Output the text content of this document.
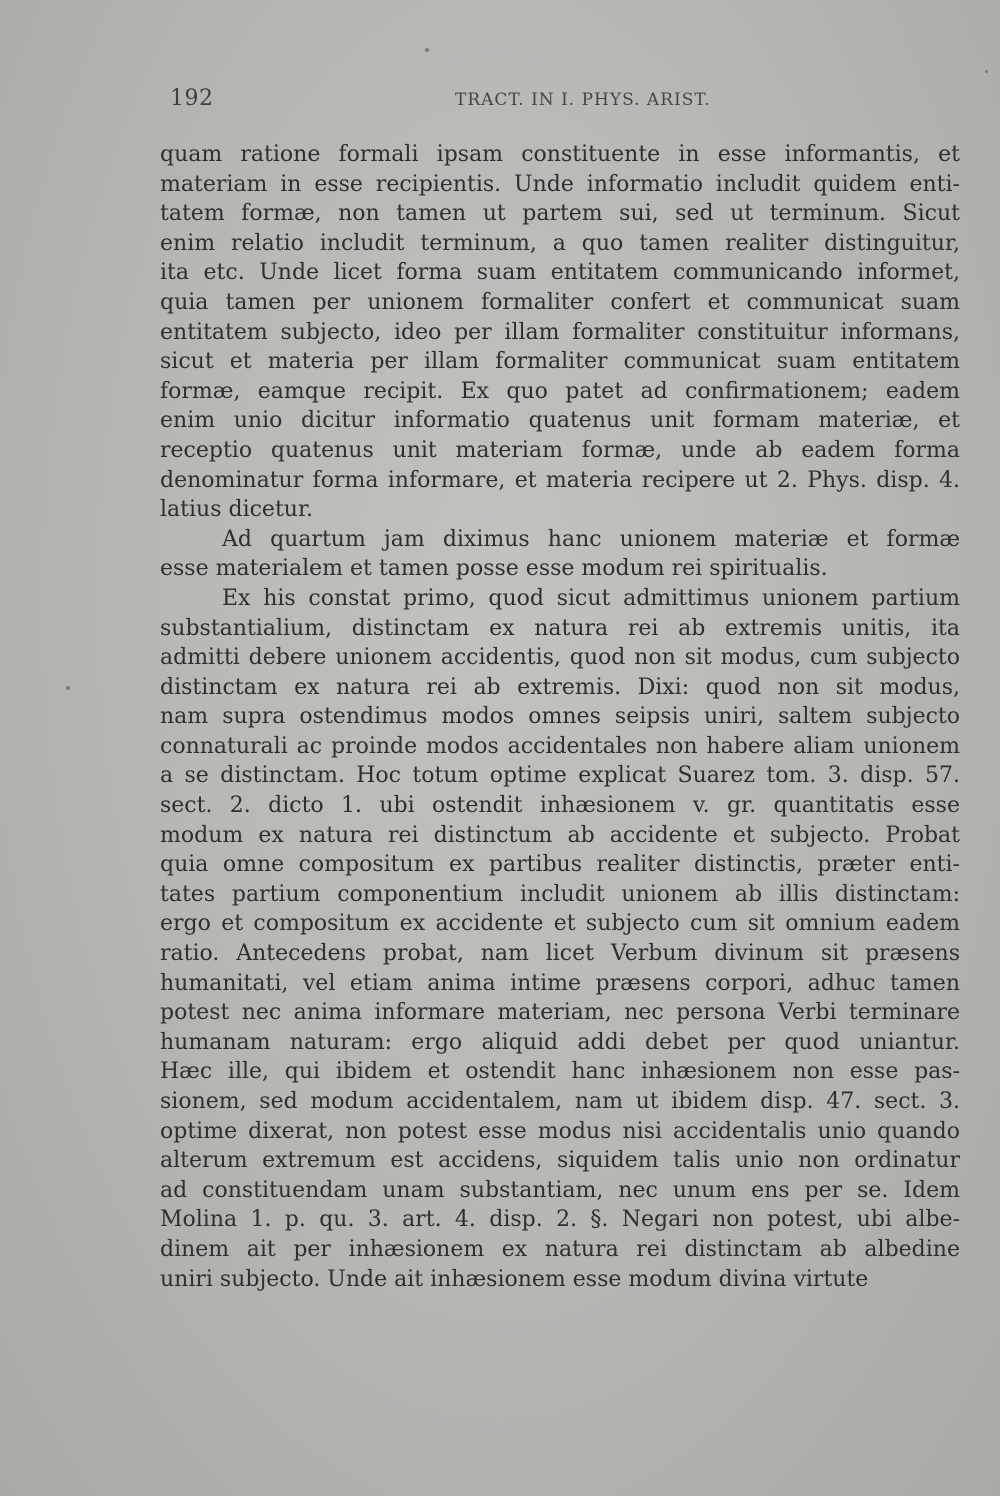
192	TRACT. IN I. PHYS. ARIST.
quam ratione formali ipsam constituente in esse informantis, et
materiam in esse recipientis. Unde informatio includit quidem enti-
tatem formæ, non tamen ut partem sui, sed ut terminum. Sicut
enim relatio includit terminum, a quo tamen realiter distinguitur,
ita etc. Unde licet forma suam entitatem communicando informet,
quia tamen per unionem formaliter confert et communicat suam
entitatem subjecto, ideo per illam formaliter constituitur informans,
sicut et materia per illam formaliter communicat suam entitatem
formæ, eamque recipit. Ex quo patet ad confirmationem; eadem
enim unio dicitur informatio quatenus unit formam materiæ, et
receptio quatenus unit materiam formæ, unde ab eadem forma
denominatur forma informare, et materia recipere ut 2. Phys. disp. 4.
latius dicetur.
Ad quartum jam diximus hanc unionem materiæ et formæ
esse materialem et tamen posse esse modum rei spiritualis.
Ex his constat primo, quod sicut admittimus unionem partium
substantialium, distinctam ex natura rei ab extremis unitis, ita
admitti debere unionem accidentis, quod non sit modus, cum subjecto
distinctam ex natura rei ab extremis. Dixi: quod non sit modus,
nam supra ostendimus modos omnes seipsis uniri, saltem subjecto
connaturali ac proinde modos accidentales non habere aliam unionem
a se distinctam. Hoc totum optime explicat Suarez tom. 3. disp. 57.
sect. 2. dicto 1. ubi ostendit inhæsionem v. gr. quantitatis esse
modum ex natura rei distinctum ab accidente et subjecto. Probat
quia omne compositum ex partibus realiter distinctis, præter enti-
tates partium componentium includit unionem ab illis distinctam:
ergo et compositum ex accidente et subjecto cum sit omnium eadem
ratio. Antecedens probat, nam licet Verbum divinum sit præsens
humanitati, vel etiam anima intime præsens corpori, adhuc tamen
potest nec anima informare materiam, nec persona Verbi terminare
humanam naturam: ergo aliquid addi debet per quod uniantur.
Hæc ille, qui ibidem et ostendit hanc inhæsionem non esse pas-
sionem, sed modum accidentalem, nam ut ibidem disp. 47. sect. 3.
optime dixerat, non potest esse modus nisi accidentalis unio quando
alterum extremum est accidens, siquidem talis unio non ordinatur
ad constituendam unam substantiam, nec unum ens per se. Idem
Molina 1. p. qu. 3. art. 4. disp. 2. §. Negari non potest, ubi albe-
dinem ait per inhæsionem ex natura rei distinctam ab albedine
uniri subjecto. Unde ait inhæsionem esse modum divina virtute
